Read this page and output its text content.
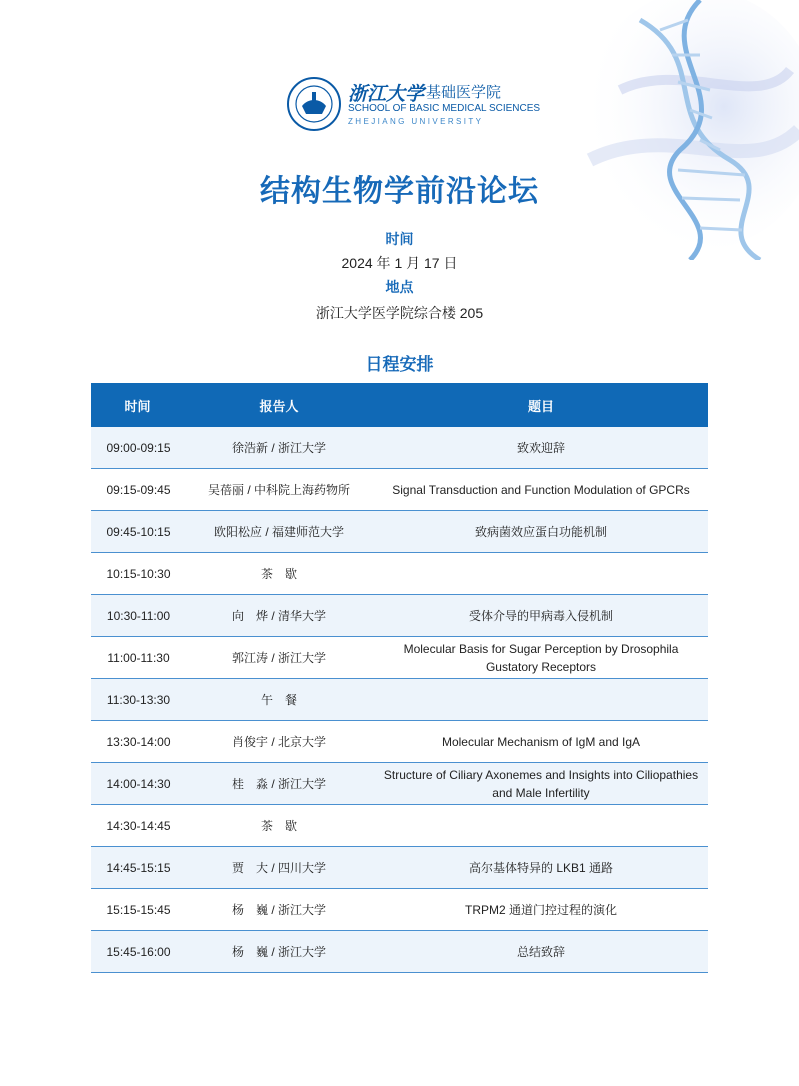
浙江大学 基础医学院
SCHOOL OF BASIC MEDICAL SCIENCES
ZHEJIANG UNIVERSITY
结构生物学前沿论坛
时间
2024 年 1 月 17 日
地点
浙江大学医学院综合楼 205
日程安排
时间	报告人	题目
09:00-09:15	徐浩新 / 浙江大学	致欢迎辞
09:15-09:45	吴蓓丽 / 中科院上海药物所	Signal Transduction and Function Modulation of GPCRs
09:45-10:15	欧阳松应 / 福建师范大学	致病菌效应蛋白功能机制
10:15-10:30	茶　歇	
10:30-11:00	向　烨 / 清华大学	受体介导的甲病毒入侵机制
11:00-11:30	郭江涛 / 浙江大学	Molecular Basis for Sugar Perception by Drosophila Gustatory Receptors
11:30-13:30	午　餐	
13:30-14:00	肖俊宇 / 北京大学	Molecular Mechanism of IgM and IgA
14:00-14:30	桂　淼 / 浙江大学	Structure of Ciliary Axonemes and Insights into Ciliopathies and Male Infertility
14:30-14:45	茶　歇	
14:45-15:15	贾　大 / 四川大学	高尔基体特异的 LKB1 通路
15:15-15:45	杨　巍 / 浙江大学	TRPM2 通道门控过程的演化
15:45-16:00	杨　巍 / 浙江大学	总结致辞
